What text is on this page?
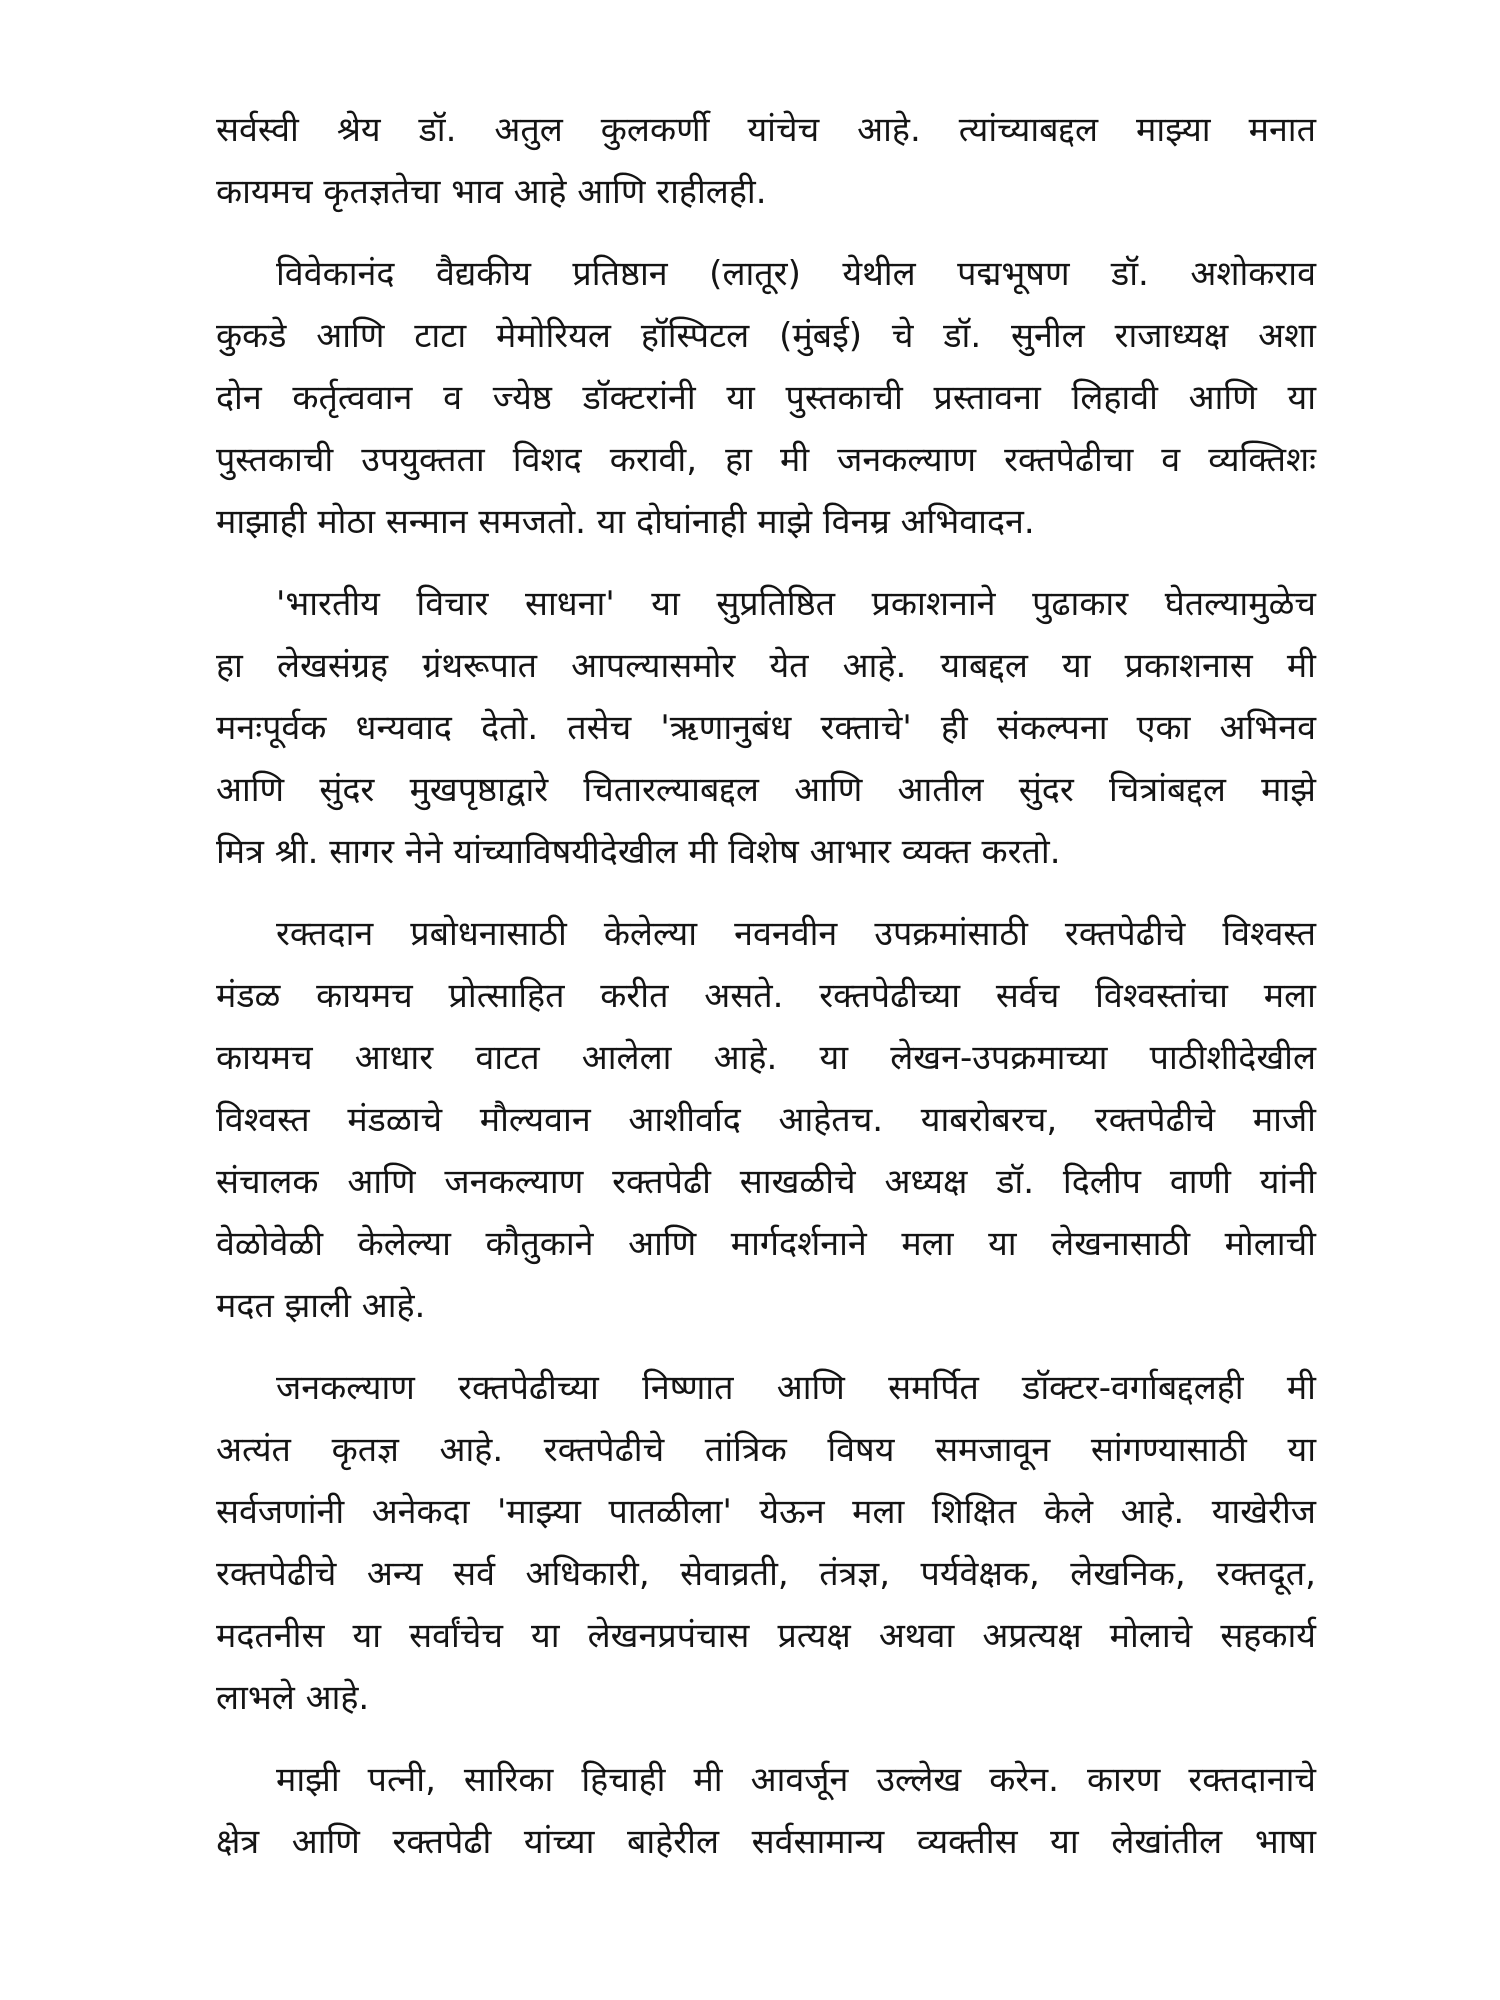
सर्वस्वी श्रेय डॉ. अतुल कुलकर्णी यांचेच आहे. त्यांच्याबद्दल माझ्या मनात
कायमच कृतज्ञतेचा भाव आहे आणि राहीलही.
विवेकानंद वैद्यकीय प्रतिष्ठान (लातूर) येथील पद्मभूषण डॉ. अशोकराव
कुकडे आणि टाटा मेमोरियल हॉस्पिटल (मुंबई) चे डॉ. सुनील राजाध्यक्ष अशा
दोन कर्तृत्ववान व ज्येष्ठ डॉक्टरांनी या पुस्तकाची प्रस्तावना लिहावी आणि या
पुस्तकाची उपयुक्तता विशद करावी, हा मी जनकल्याण रक्तपेढीचा व व्यक्तिशः
माझाही मोठा सन्मान समजतो. या दोघांनाही माझे विनम्र अभिवादन.
'भारतीय विचार साधना' या सुप्रतिष्ठित प्रकाशनाने पुढाकार घेतल्यामुळेच
हा लेखसंग्रह ग्रंथरूपात आपल्यासमोर येत आहे. याबद्दल या प्रकाशनास मी
मनःपूर्वक धन्यवाद देतो. तसेच 'ऋणानुबंध रक्ताचे' ही संकल्पना एका अभिनव
आणि सुंदर मुखपृष्ठाद्वारे चितारल्याबद्दल आणि आतील सुंदर चित्रांबद्दल माझे
मित्र श्री. सागर नेने यांच्याविषयीदेखील मी विशेष आभार व्यक्त करतो.
रक्तदान प्रबोधनासाठी केलेल्या नवनवीन उपक्रमांसाठी रक्तपेढीचे विश्वस्त
मंडळ कायमच प्रोत्साहित करीत असते. रक्तपेढीच्या सर्वच विश्वस्तांचा मला
कायमच आधार वाटत आलेला आहे. या लेखन-उपक्रमाच्या पाठीशीदेखील
विश्वस्त मंडळाचे मौल्यवान आशीर्वाद आहेतच. याबरोबरच, रक्तपेढीचे माजी
संचालक आणि जनकल्याण रक्तपेढी साखळीचे अध्यक्ष डॉ. दिलीप वाणी यांनी
वेळोवेळी केलेल्या कौतुकाने आणि मार्गदर्शनाने मला या लेखनासाठी मोलाची
मदत झाली आहे.
जनकल्याण रक्तपेढीच्या निष्णात आणि समर्पित डॉक्टर-वर्गाबद्दलही मी
अत्यंत कृतज्ञ आहे. रक्तपेढीचे तांत्रिक विषय समजावून सांगण्यासाठी या
सर्वजणांनी अनेकदा 'माझ्या पातळीला' येऊन मला शिक्षित केले आहे. याखेरीज
रक्तपेढीचे अन्य सर्व अधिकारी, सेवाव्रती, तंत्रज्ञ, पर्यवेक्षक, लेखनिक, रक्तदूत,
मदतनीस या सर्वांचेच या लेखनप्रपंचास प्रत्यक्ष अथवा अप्रत्यक्ष मोलाचे सहकार्य
लाभले आहे.
माझी पत्नी, सारिका हिचाही मी आवर्जून उल्लेख करेन. कारण रक्तदानाचे
क्षेत्र आणि रक्तपेढी यांच्या बाहेरील सर्वसामान्य व्यक्तीस या लेखांतील भाषा
